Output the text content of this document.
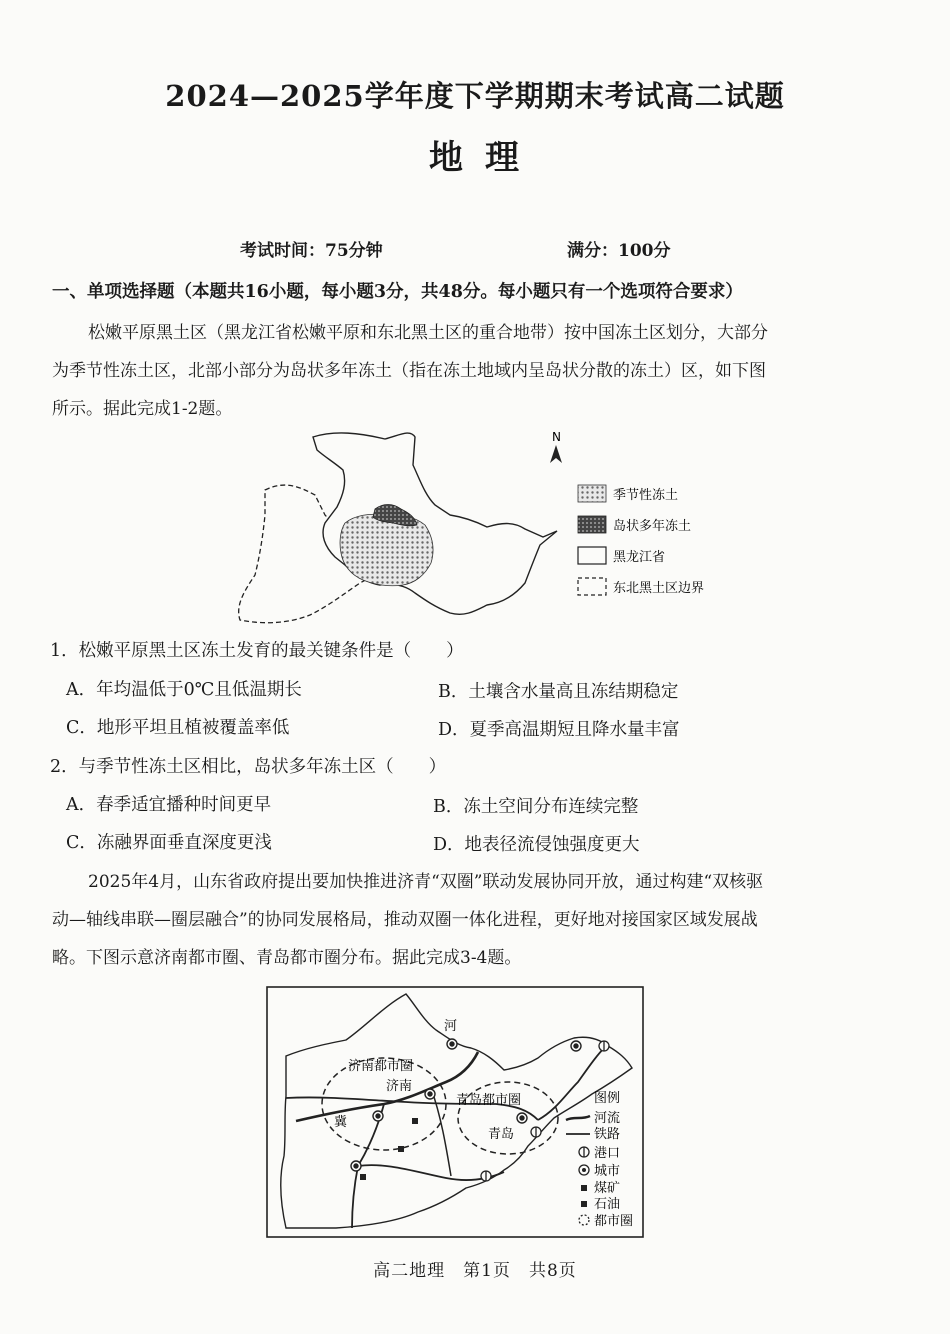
2024—2025学年度下学期期末考试高二试题
地理
考试时间：75分钟	满分：100分
一、单项选择题（本题共16小题，每小题3分，共48分。每小题只有一个选项符合要求）
松嫩平原黑土区（黑龙江省松嫩平原和东北黑土区的重合地带）按中国冻土区划分，大部分
为季节性冻土区，北部小部分为岛状多年冻土（指在冻土地域内呈岛状分散的冻土）区，如下图
所示。据此完成1-2题。
N
季节性冻土
岛状多年冻土
黑龙江省
东北黑土区边界
1．松嫩平原黑土区冻土发育的最关键条件是（　　）
A．年均温低于0℃且低温期长	B．土壤含水量高且冻结期稳定
C．地形平坦且植被覆盖率低	D．夏季高温期短且降水量丰富
2．与季节性冻土区相比，岛状多年冻土区（　　）
A．春季适宜播种时间更早	B．冻土空间分布连续完整
C．冻融界面垂直深度更浅	D．地表径流侵蚀强度更大
2025年4月，山东省政府提出要加快推进济青“双圈”联动发展协同开放，通过构建“双核驱
动—轴线串联—圈层融合”的协同发展格局，推动双圈一体化进程，更好地对接国家区域发展战
略。下图示意济南都市圈、青岛都市圈分布。据此完成3-4题。
济南都市圈
济南
河
冀
青岛都市圈
青岛
图例
河流
铁路
港口
城市
煤矿
石油
都市圈
高二地理　第1页　共8页
